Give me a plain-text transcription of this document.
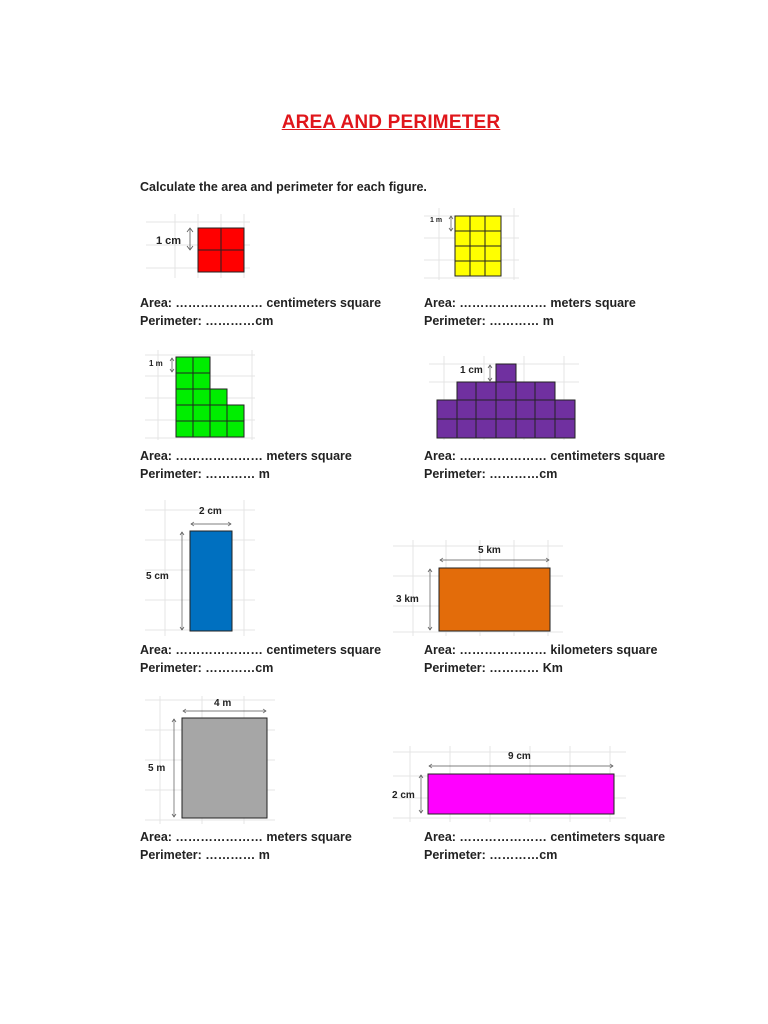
AREA AND PERIMETER
Calculate the area and perimeter for each figure.
1 cm
Area: ………………… centimeters square
Perimeter: …………cm
1 m
Area: ………………… meters square
Perimeter: ………… m
1 m
Area: ………………… meters square
Perimeter: ………… m
1 cm
Area: ………………… centimeters square
Perimeter: …………cm
2 cm
5 cm
Area: ………………… centimeters square
Perimeter: …………cm
5 km
3 km
Area: ………………… kilometers square
Perimeter: ………… Km
4 m
5 m
Area: ………………… meters square
Perimeter: ………… m
9 cm
2 cm
Area: ………………… centimeters square
Perimeter: …………cm
